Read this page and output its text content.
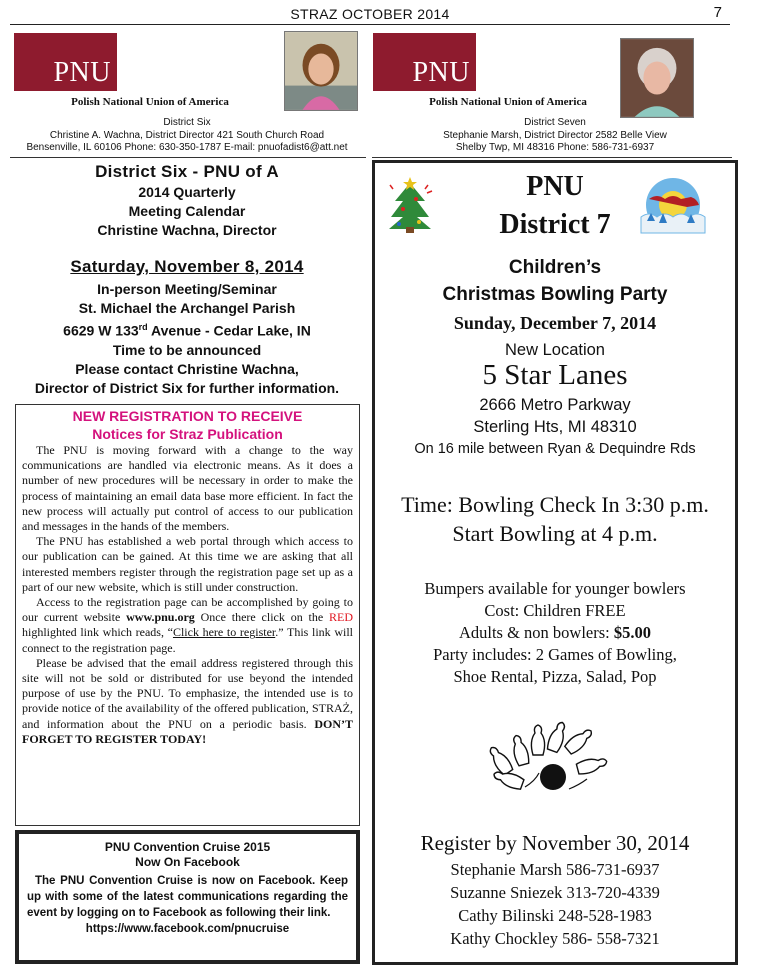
STRAZ OCTOBER 2014	7
PNU
Polish National Union of America
District Six
Christine A. Wachna, District Director 421 South Church Road
Bensenville, IL 60106 Phone: 630-350-1787 E-mail: pnuofadist6@att.net
PNU
Polish National Union of America
District Seven
Stephanie Marsh, District Director 2582 Belle View
Shelby Twp, MI 48316 Phone: 586-731-6937
District Six - PNU of A
2014 Quarterly
Meeting Calendar
Christine Wachna, Director
Saturday, November 8, 2014
In-person Meeting/Seminar
St. Michael the Archangel Parish
6629 W 133rd Avenue - Cedar Lake, IN
Time to be announced
Please contact Christine Wachna,
Director of District Six for further information.
NEW REGISTRATION TO RECEIVE
Notices for Straz Publication

The PNU is moving forward with a change to the way communications are handled via electronic means. As it does a number of new procedures will be necessary in order to make the process of maintaining an email data base more efficient. In fact the new process will actually put control of access to our publication and messages in the hands of the members.

The PNU has established a web portal through which access to our publication can be gained. At this time we are asking that all interested members register through the registration page set up as a part of our new website, which is still under construction.

Access to the registration page can be accomplished by going to our current website www.pnu.org Once there click on the RED highlighted link which reads, “Click here to register.” This link will connect to the registration page.

Please be advised that the email address registered through this site will not be sold or distributed for use beyond the intended purpose of use by the PNU. To emphasize, the intended use is to provide notice of the availability of the offered publication, STRAŻ, and information about the PNU on a periodic basis. DON’T FORGET TO REGISTER TODAY!

PNU Convention Cruise 2015
Now On Facebook
The PNU Convention Cruise is now on Facebook. Keep up with some of the latest communications regarding the event by logging on to Facebook as following their link.
https://www.facebook.com/pnucruise
PNU
District 7
Children’s
Christmas Bowling Party
Sunday, December 7, 2014
New Location
5 Star Lanes
2666 Metro Parkway
Sterling Hts, MI 48310
On 16 mile between Ryan & Dequindre Rds
Time: Bowling Check In 3:30 p.m.
Start Bowling at 4 p.m.
Bumpers available for younger bowlers
Cost: Children FREE
Adults & non bowlers: $5.00
Party includes: 2 Games of Bowling,
Shoe Rental, Pizza, Salad, Pop
Register by November 30, 2014
Stephanie Marsh 586-731-6937
Suzanne Sniezek 313-720-4339
Cathy Bilinski 248-528-1983
Kathy Chockley 586- 558-7321
